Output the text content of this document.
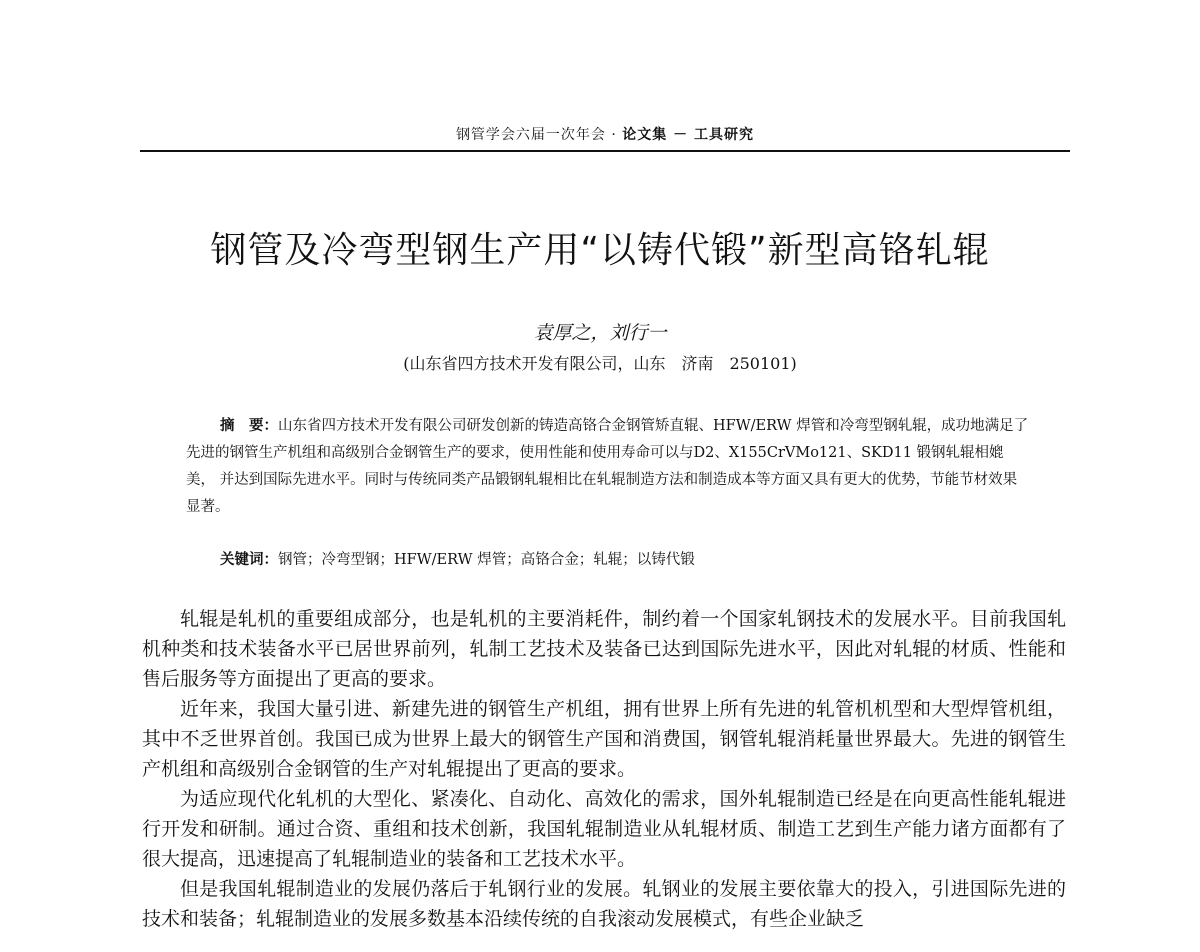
钢管学会六届一次年会 · 论文集 － 工具研究
钢管及冷弯型钢生产用“以铸代锻”新型高铬轧辊
袁厚之，刘行一
(山东省四方技术开发有限公司，山东　济南　250101)
摘　要：山东省四方技术开发有限公司研发创新的铸造高铬合金钢管矫直辊、HFW/ERW 焊管和冷弯型钢轧辊，成功地满足了先进的钢管生产机组和高级别合金钢管生产的要求，使用性能和使用寿命可以与D2、X155CrVMo121、SKD11 锻钢轧辊相媲美， 并达到国际先进水平。同时与传统同类产品锻钢轧辊相比在轧辊制造方法和制造成本等方面又具有更大的优势，节能节材效果显著。
关键词：钢管；冷弯型钢；HFW/ERW 焊管；高铬合金；轧辊；以铸代锻

轧辊是轧机的重要组成部分，也是轧机的主要消耗件，制约着一个国家轧钢技术的发展水平。目前我国轧机种类和技术装备水平已居世界前列，轧制工艺技术及装备已达到国际先进水平，因此对轧辊的材质、性能和售后服务等方面提出了更高的要求。

近年来，我国大量引进、新建先进的钢管生产机组，拥有世界上所有先进的轧管机机型和大型焊管机组，其中不乏世界首创。我国已成为世界上最大的钢管生产国和消费国，钢管轧辊消耗量世界最大。先进的钢管生产机组和高级别合金钢管的生产对轧辊提出了更高的要求。

为适应现代化轧机的大型化、紧凑化、自动化、高效化的需求，国外轧辊制造已经是在向更高性能轧辊进行开发和研制。通过合资、重组和技术创新，我国轧辊制造业从轧辊材质、制造工艺到生产能力诸方面都有了很大提高，迅速提高了轧辊制造业的装备和工艺技术水平。

但是我国轧辊制造业的发展仍落后于轧钢行业的发展。轧钢业的发展主要依靠大的投入，引进国际先进的技术和装备；轧辊制造业的发展多数基本沿续传统的自我滚动发展模式，有些企业缺乏
